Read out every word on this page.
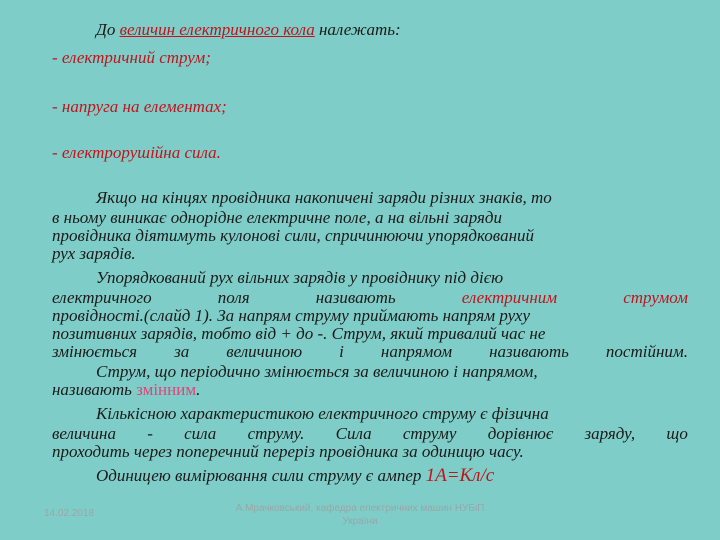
До величин електричного кола належать:
- електричний струм;
- напруга на елементах;
- електрорушійна сила.
Якщо на кінцях провідника накопичені заряди різних знаків, то
в ньому виникає однорідне електричне поле, а на вільні заряди
провідника діятимуть кулонові сили, спричинюючи упорядкований
рух зарядів.
Упорядкований рух вільних зарядів у провіднику під дією
електричного	поля	називають	електричним	струмом
провідності.(слайд 1). За напрям струму приймають напрям руху
позитивних зарядів, тобто від + до -. Струм, який тривалий час не
змінюється за величиною і напрямом називають постійним.
Струм, що періодично змінюється за величиною і напрямом,
називають змінним.
Кількісною характеристикою електричного струму є фізична
величина - сила струму. Сила струму дорівнює заряду, що
проходить через поперечний переріз провідника за одиницю часу.
Одиницею вимірювання сили струму є ампер 1А=Кл/с
14.02.2018	А.Мрачковський, кафедра електричних машин НУБіП України
